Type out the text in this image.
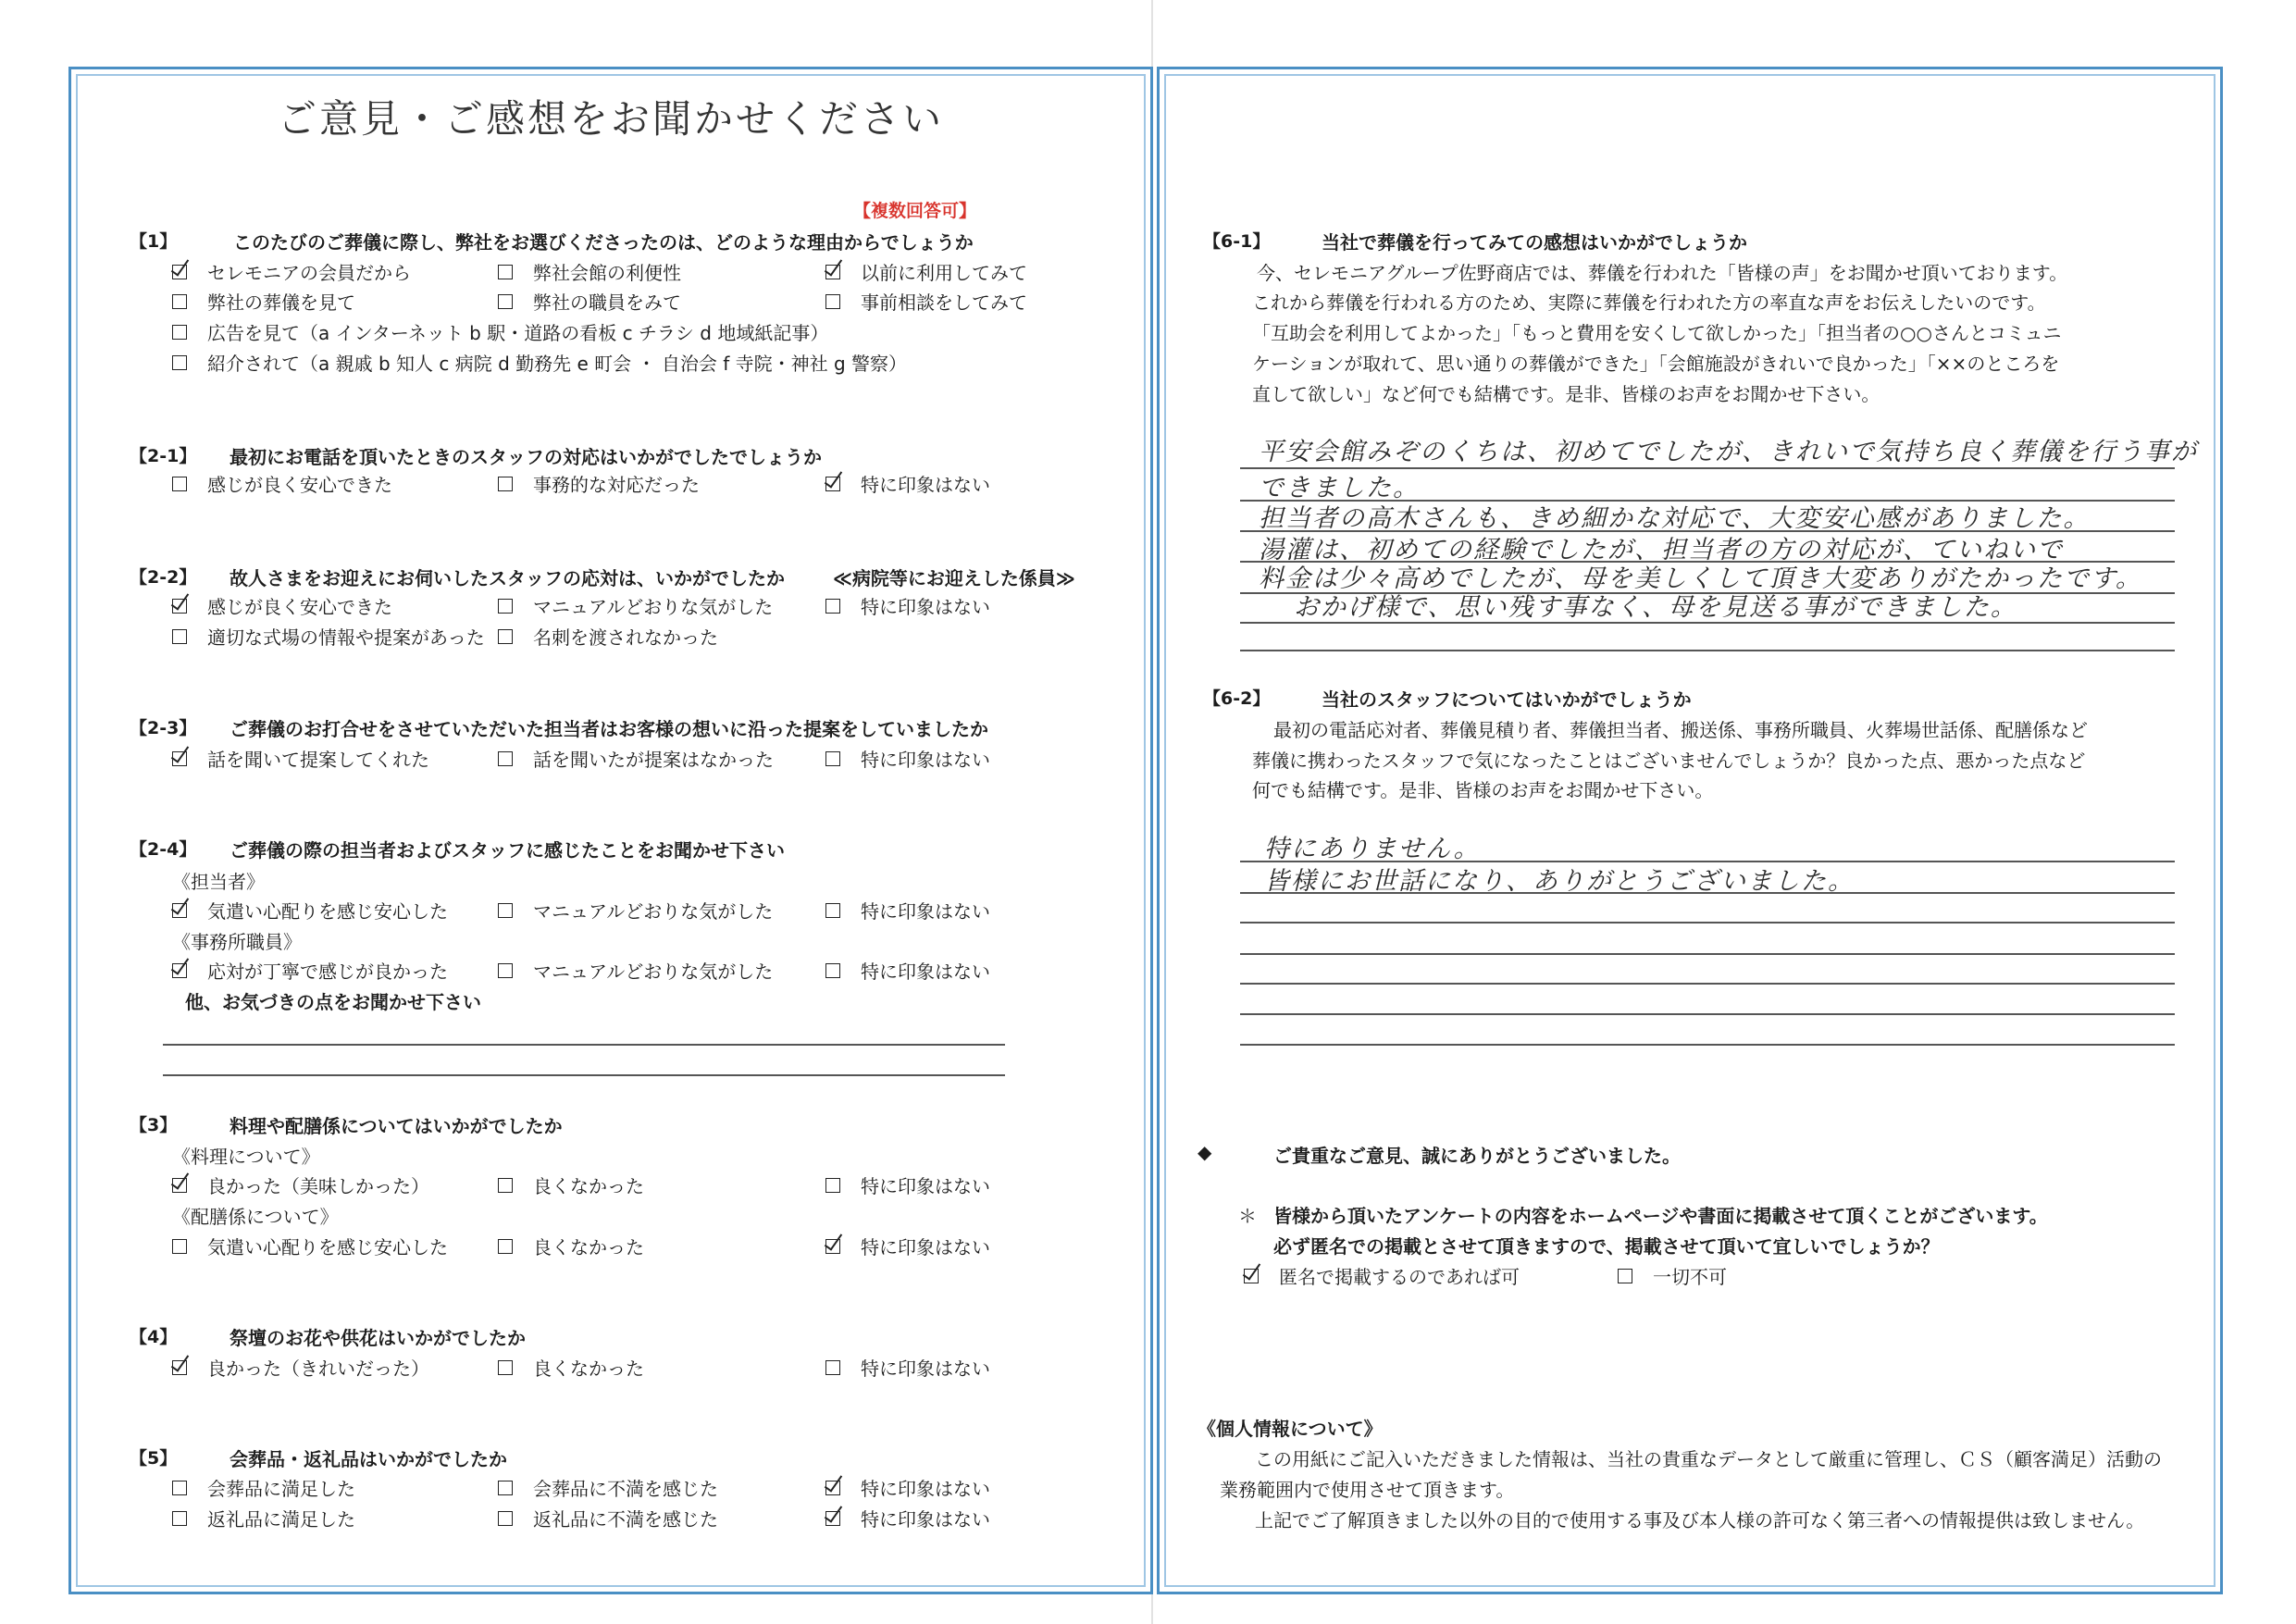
ご意見・ご感想をお聞かせください
【複数回答可】
【1】	このたびのご葬儀に際し、弊社をお選びくださったのは、どのような理由からでしょうか
セレモニアの会員だから	弊社会館の利便性	以前に利用してみて
弊社の葬儀を見て	弊社の職員をみて	事前相談をしてみて
広告を見て（a インターネット b 駅・道路の看板 c チラシ d 地域紙記事）
紹介されて（a 親戚 b 知人 c 病院 d 勤務先 e 町会 ・ 自治会 f 寺院・神社 g 警察）
【2-1】 最初にお電話を頂いたときのスタッフの対応はいかがでしたでしょうか
感じが良く安心できた	事務的な対応だった	特に印象はない
【2-2】 故人さまをお迎えにお伺いしたスタッフの応対は、いかがでしたか	≪病院等にお迎えした係員≫
感じが良く安心できた	マニュアルどおりな気がした	特に印象はない
適切な式場の情報や提案があった	名刺を渡されなかった
【2-3】 ご葬儀のお打合せをさせていただいた担当者はお客様の想いに沿った提案をしていましたか
話を聞いて提案してくれた	話を聞いたが提案はなかった	特に印象はない
【2-4】 ご葬儀の際の担当者およびスタッフに感じたことをお聞かせ下さい
《担当者》
気遣い心配りを感じ安心した	マニュアルどおりな気がした	特に印象はない
《事務所職員》
応対が丁寧で感じが良かった	マニュアルどおりな気がした	特に印象はない
他、お気づきの点をお聞かせ下さい
【3】	料理や配膳係についてはいかがでしたか
《料理について》
良かった（美味しかった）	良くなかった	特に印象はない
《配膳係について》
気遣い心配りを感じ安心した	良くなかった	特に印象はない
【4】	祭壇のお花や供花はいかがでしたか
良かった（きれいだった）	良くなかった	特に印象はない
【5】	会葬品・返礼品はいかがでしたか
会葬品に満足した	会葬品に不満を感じた	特に印象はない
返礼品に満足した	返礼品に不満を感じた	特に印象はない
【6-1】	当社で葬儀を行ってみての感想はいかがでしょうか
今、セレモニアグループ佐野商店では、葬儀を行われた「皆様の声」をお聞かせ頂いております。
これから葬儀を行われる方のため、実際に葬儀を行われた方の率直な声をお伝えしたいのです。
「互助会を利用してよかった」「もっと費用を安くして欲しかった」「担当者の○○さんとコミュニ
ケーションが取れて、思い通りの葬儀ができた」「会館施設がきれいで良かった」「××のところを
直して欲しい」など何でも結構です。是非、皆様のお声をお聞かせ下さい。
平安会館みぞのくちは、初めてでしたが、きれいで気持ち良く葬儀を行う事が
できました。
担当者の高木さんも、きめ細かな対応で、大変安心感がありました。
湯灌は、初めての経験でしたが、担当者の方の対応が、ていねいで
料金は少々高めでしたが、母を美しくして頂き大変ありがたかったです。
おかげ様で、思い残す事なく、母を見送る事ができました。
【6-2】	当社のスタッフについてはいかがでしょうか
最初の電話応対者、葬儀見積り者、葬儀担当者、搬送係、事務所職員、火葬場世話係、配膳係など
葬儀に携わったスタッフで気になったことはございませんでしょうか？良かった点、悪かった点など
何でも結構です。是非、皆様のお声をお聞かせ下さい。
特にありません。
皆様にお世話になり、ありがとうございました。
◆	ご貴重なご意見、誠にありがとうございました。
＊ 皆様から頂いたアンケートの内容をホームページや書面に掲載させて頂くことがございます。
必ず匿名での掲載とさせて頂きますので、掲載させて頂いて宜しいでしょうか？
匿名で掲載するのであれば可	一切不可
《個人情報について》
この用紙にご記入いただきました情報は、当社の貴重なデータとして厳重に管理し、ＣＳ（顧客満足）活動の
業務範囲内で使用させて頂きます。
上記でご了解頂きました以外の目的で使用する事及び本人様の許可なく第三者への情報提供は致しません。
